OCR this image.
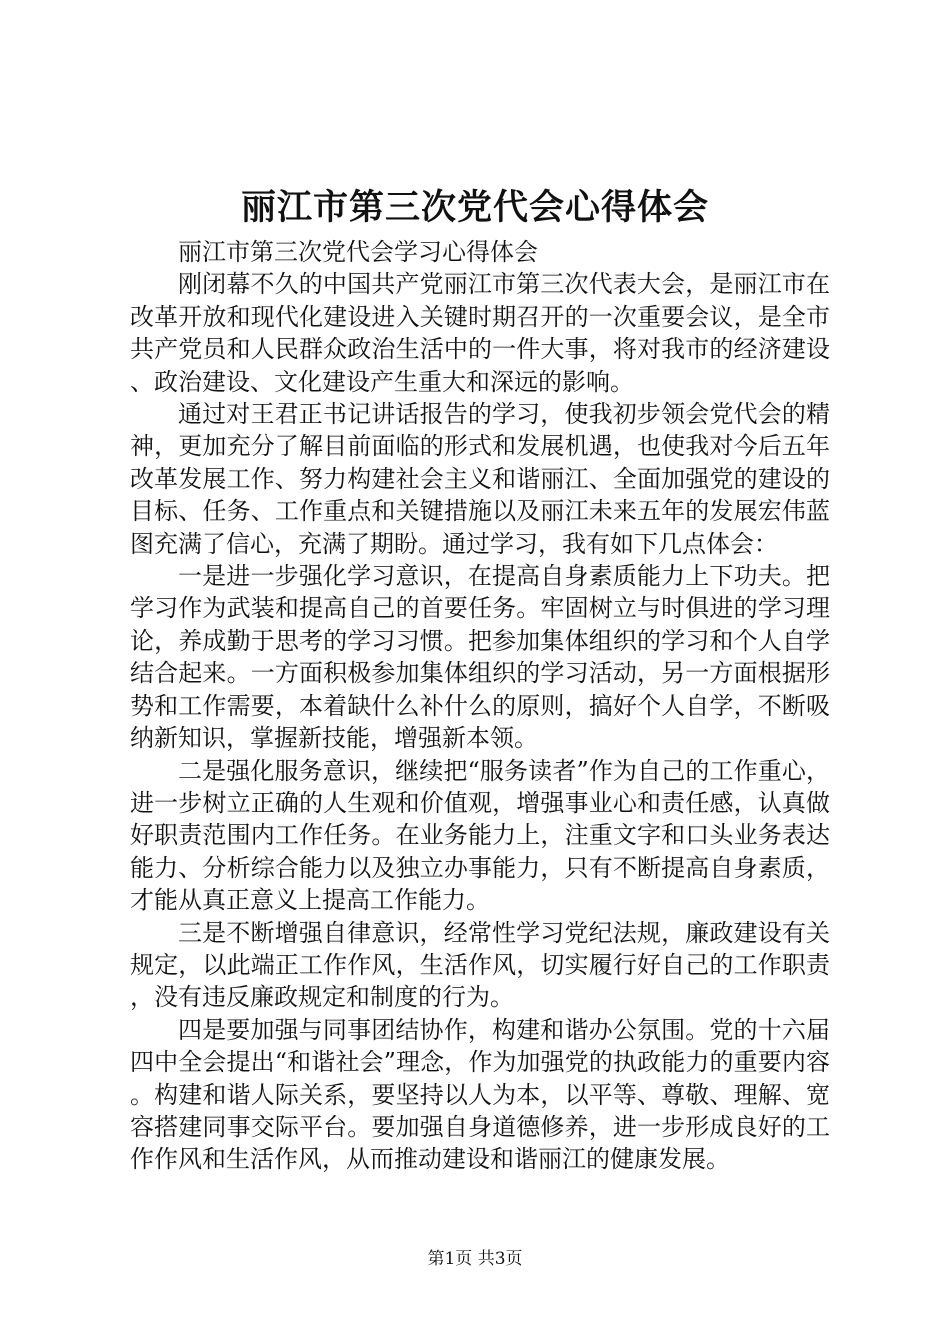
丽江市第三次党代会心得体会

丽江市第三次党代会学习心得体会

刚闭幕不久的中国共产党丽江市第三次代表大会，是丽江市在改革开放和现代化建设进入关键时期召开的一次重要会议，是全市共产党员和人民群众政治生活中的一件大事，将对我市的经济建设、政治建设、文化建设产生重大和深远的影响。

通过对王君正书记讲话报告的学习，使我初步领会党代会的精神，更加充分了解目前面临的形式和发展机遇，也使我对今后五年改革发展工作、努力构建社会主义和谐丽江、全面加强党的建设的目标、任务、工作重点和关键措施以及丽江未来五年的发展宏伟蓝图充满了信心，充满了期盼。通过学习，我有如下几点体会：

一是进一步强化学习意识，在提高自身素质能力上下功夫。把学习作为武装和提高自己的首要任务。牢固树立与时俱进的学习理论，养成勤于思考的学习习惯。把参加集体组织的学习和个人自学结合起来。一方面积极参加集体组织的学习活动，另一方面根据形势和工作需要，本着缺什么补什么的原则，搞好个人自学，不断吸纳新知识，掌握新技能，增强新本领。

二是强化服务意识，继续把“服务读者”作为自己的工作重心，进一步树立正确的人生观和价值观，增强事业心和责任感，认真做好职责范围内工作任务。在业务能力上，注重文字和口头业务表达能力、分析综合能力以及独立办事能力，只有不断提高自身素质，才能从真正意义上提高工作能力。

三是不断增强自律意识，经常性学习党纪法规，廉政建设有关规定，以此端正工作作风，生活作风，切实履行好自己的工作职责，没有违反廉政规定和制度的行为。

四是要加强与同事团结协作，构建和谐办公氛围。党的十六届四中全会提出“和谐社会”理念，作为加强党的执政能力的重要内容。构建和谐人际关系，要坚持以人为本，以平等、尊敬、理解、宽容搭建同事交际平台。要加强自身道德修养，进一步形成良好的工作作风和生活作风，从而推动建设和谐丽江的健康发展。

第1页 共3页
